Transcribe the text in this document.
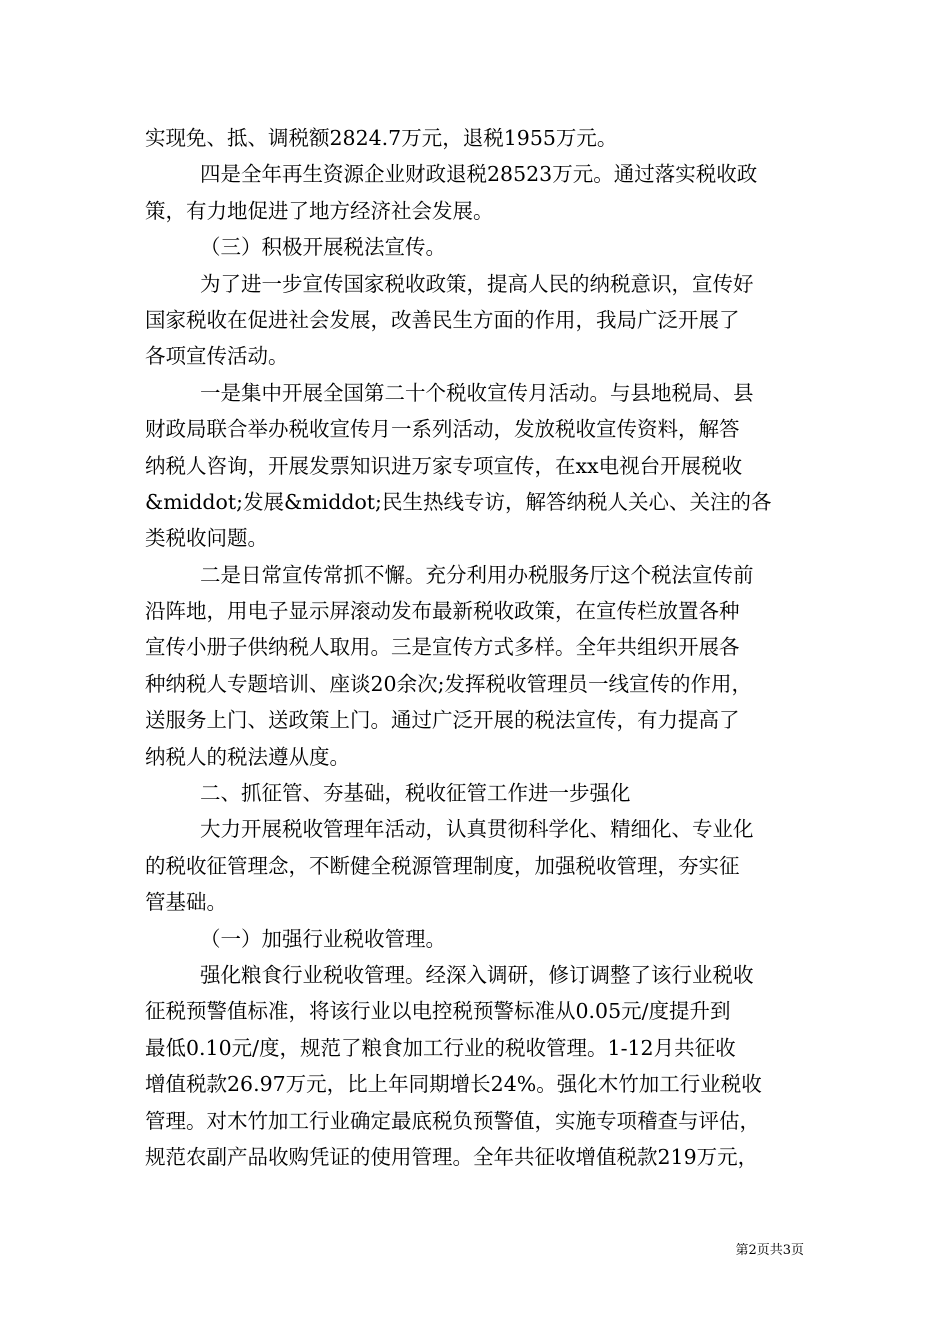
实现免、抵、调税额2824.7万元，退税1955万元。
四是全年再生资源企业财政退税28523万元。通过落实税收政
策，有力地促进了地方经济社会发展。
（三）积极开展税法宣传。
为了进一步宣传国家税收政策，提高人民的纳税意识，宣传好
国家税收在促进社会发展，改善民生方面的作用，我局广泛开展了
各项宣传活动。
一是集中开展全国第二十个税收宣传月活动。与县地税局、县
财政局联合举办税收宣传月一系列活动，发放税收宣传资料，解答
纳税人咨询，开展发票知识进万家专项宣传，在xx电视台开展税收
&middot;发展&middot;民生热线专访，解答纳税人关心、关注的各
类税收问题。
二是日常宣传常抓不懈。充分利用办税服务厅这个税法宣传前
沿阵地，用电子显示屏滚动发布最新税收政策，在宣传栏放置各种
宣传小册子供纳税人取用。三是宣传方式多样。全年共组织开展各
种纳税人专题培训、座谈20余次;发挥税收管理员一线宣传的作用，
送服务上门、送政策上门。通过广泛开展的税法宣传，有力提高了
纳税人的税法遵从度。
二、抓征管、夯基础，税收征管工作进一步强化
大力开展税收管理年活动，认真贯彻科学化、精细化、专业化
的税收征管理念，不断健全税源管理制度，加强税收管理，夯实征
管基础。
（一）加强行业税收管理。
强化粮食行业税收管理。经深入调研，修订调整了该行业税收
征税预警值标准，将该行业以电控税预警标准从0.05元/度提升到
最低0.10元/度，规范了粮食加工行业的税收管理。1-12月共征收
增值税款26.97万元，比上年同期增长24%。强化木竹加工行业税收
管理。对木竹加工行业确定最底税负预警值，实施专项稽查与评估，
规范农副产品收购凭证的使用管理。全年共征收增值税款219万元，
第2页共3页
